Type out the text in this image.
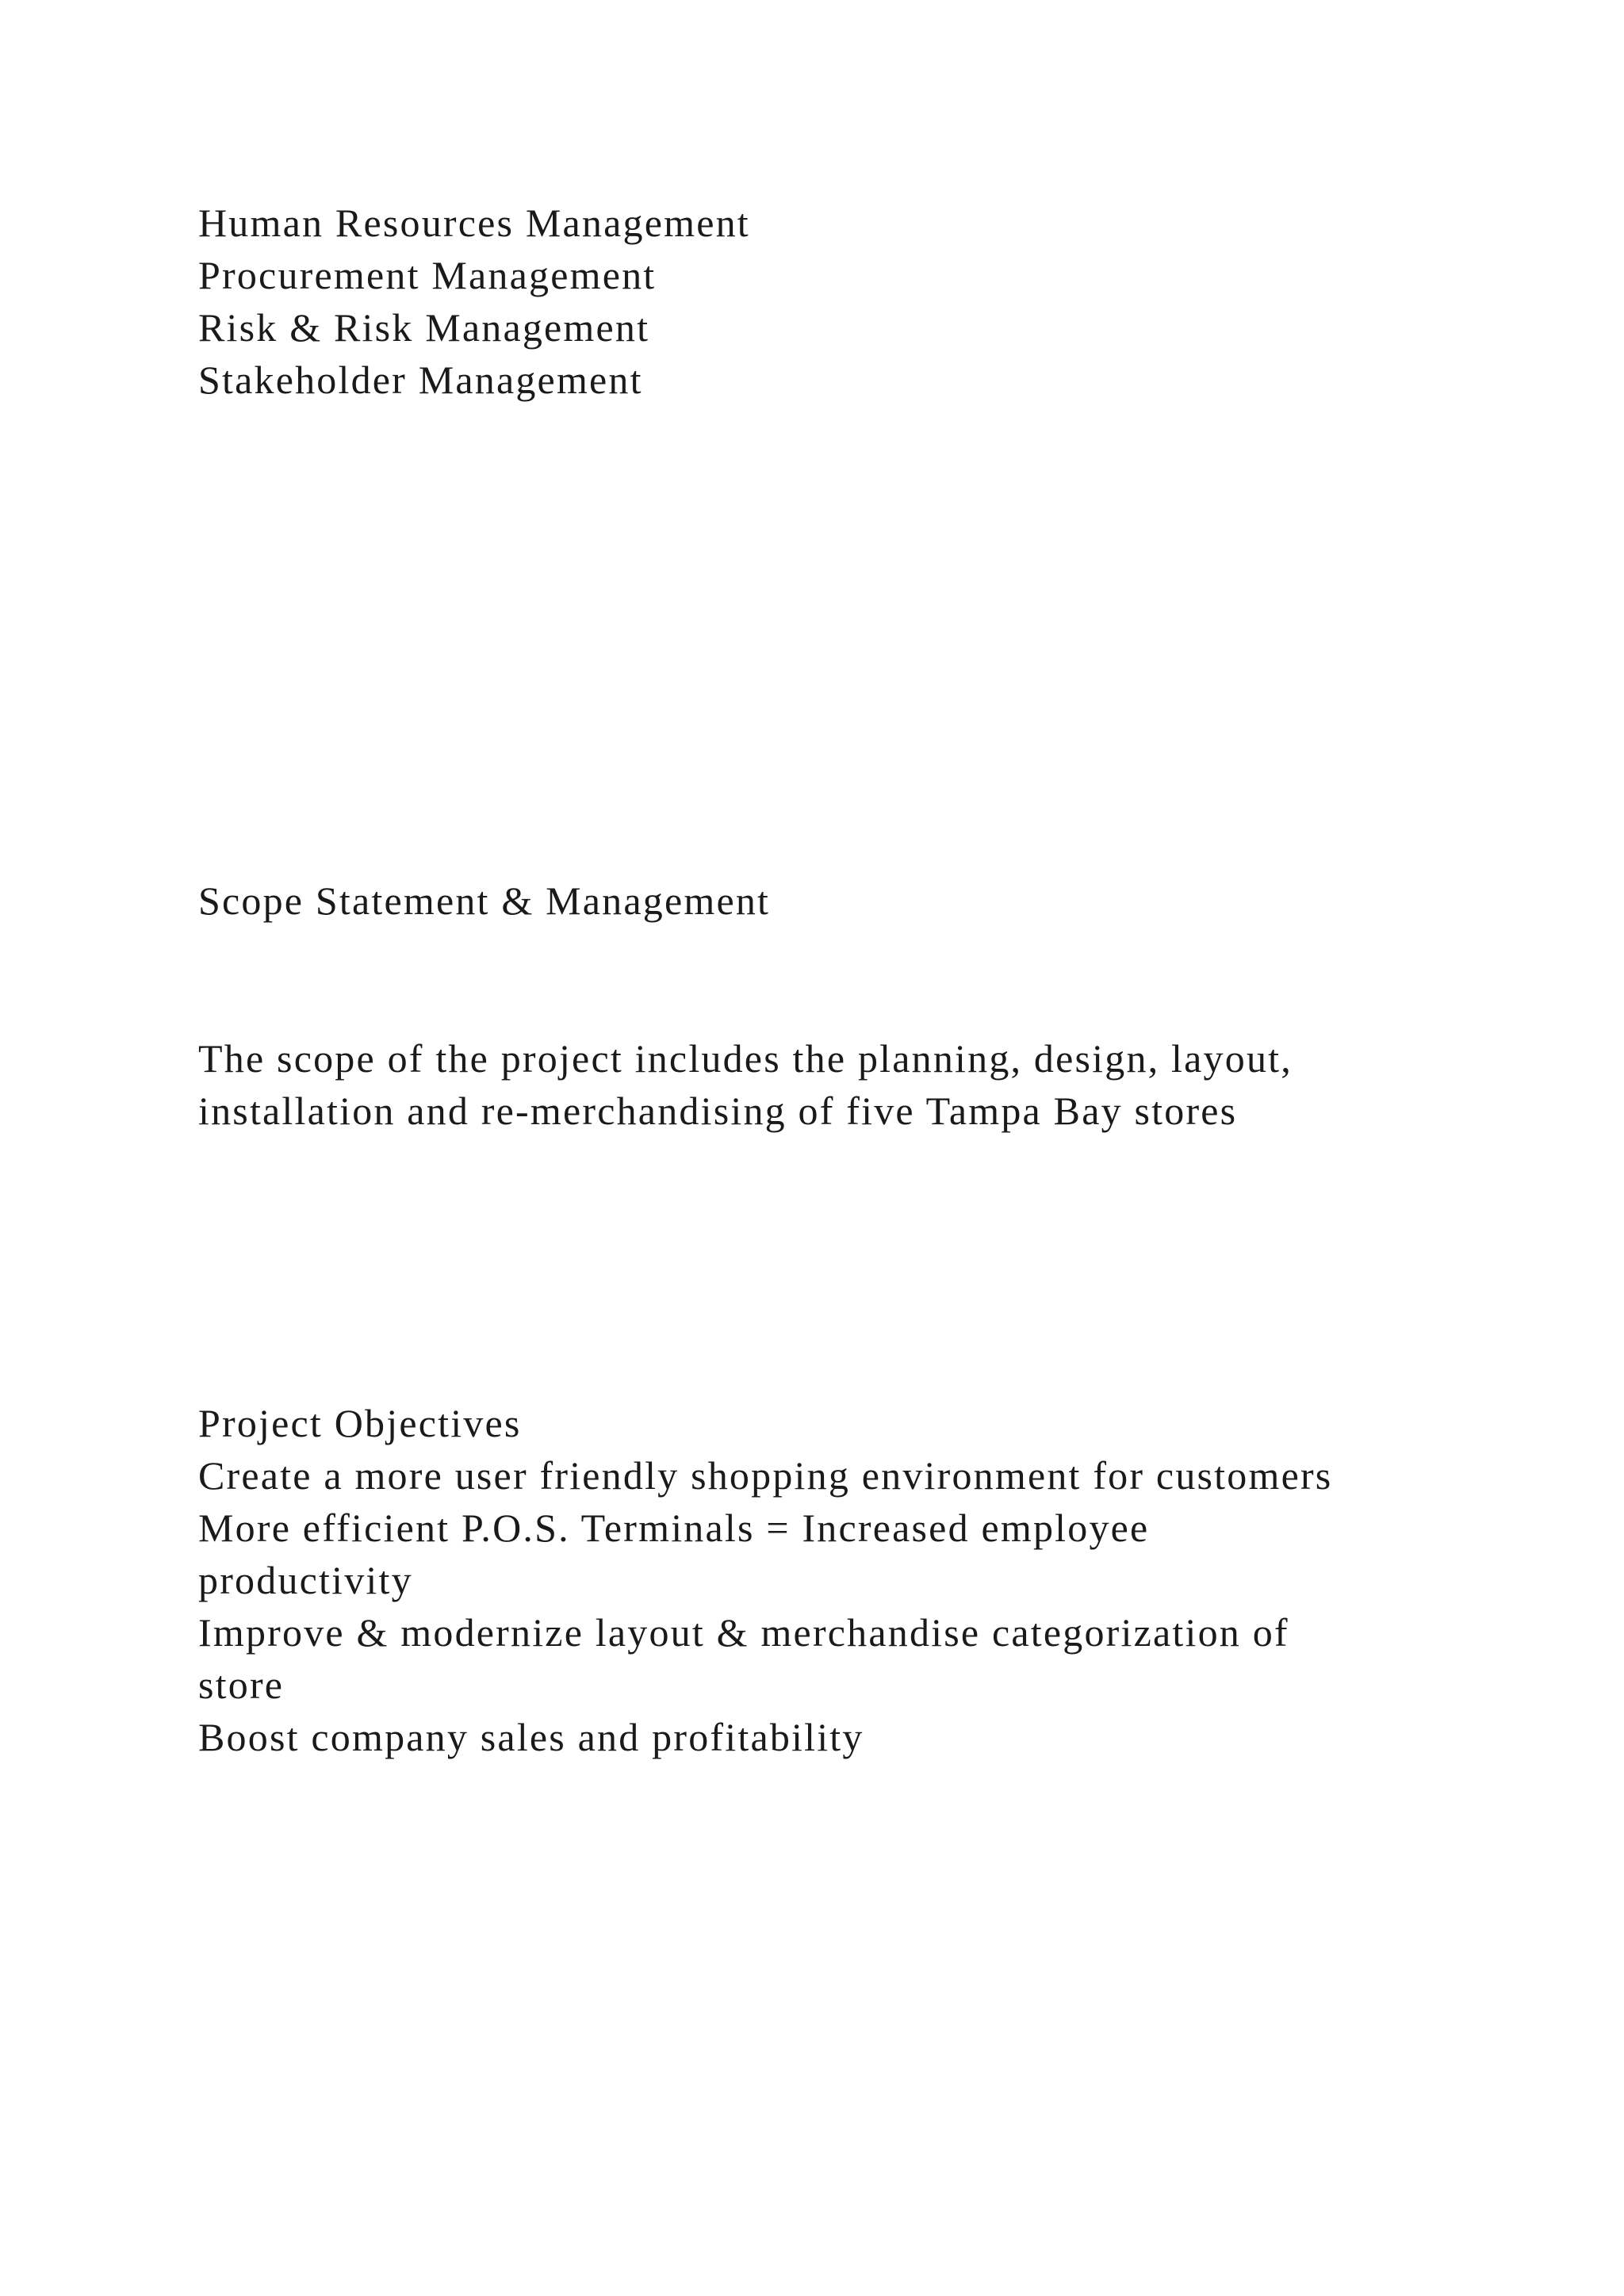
Human Resources Management
Procurement Management
Risk & Risk Management
Stakeholder Management
Scope Statement & Management
The scope of the project includes the planning, design, layout,
installation and re-merchandising of five Tampa Bay stores
Project Objectives
Create a more user friendly shopping environment for customers
More efficient P.O.S. Terminals = Increased employee
productivity
Improve & modernize layout & merchandise categorization of
store
Boost company sales and profitability
